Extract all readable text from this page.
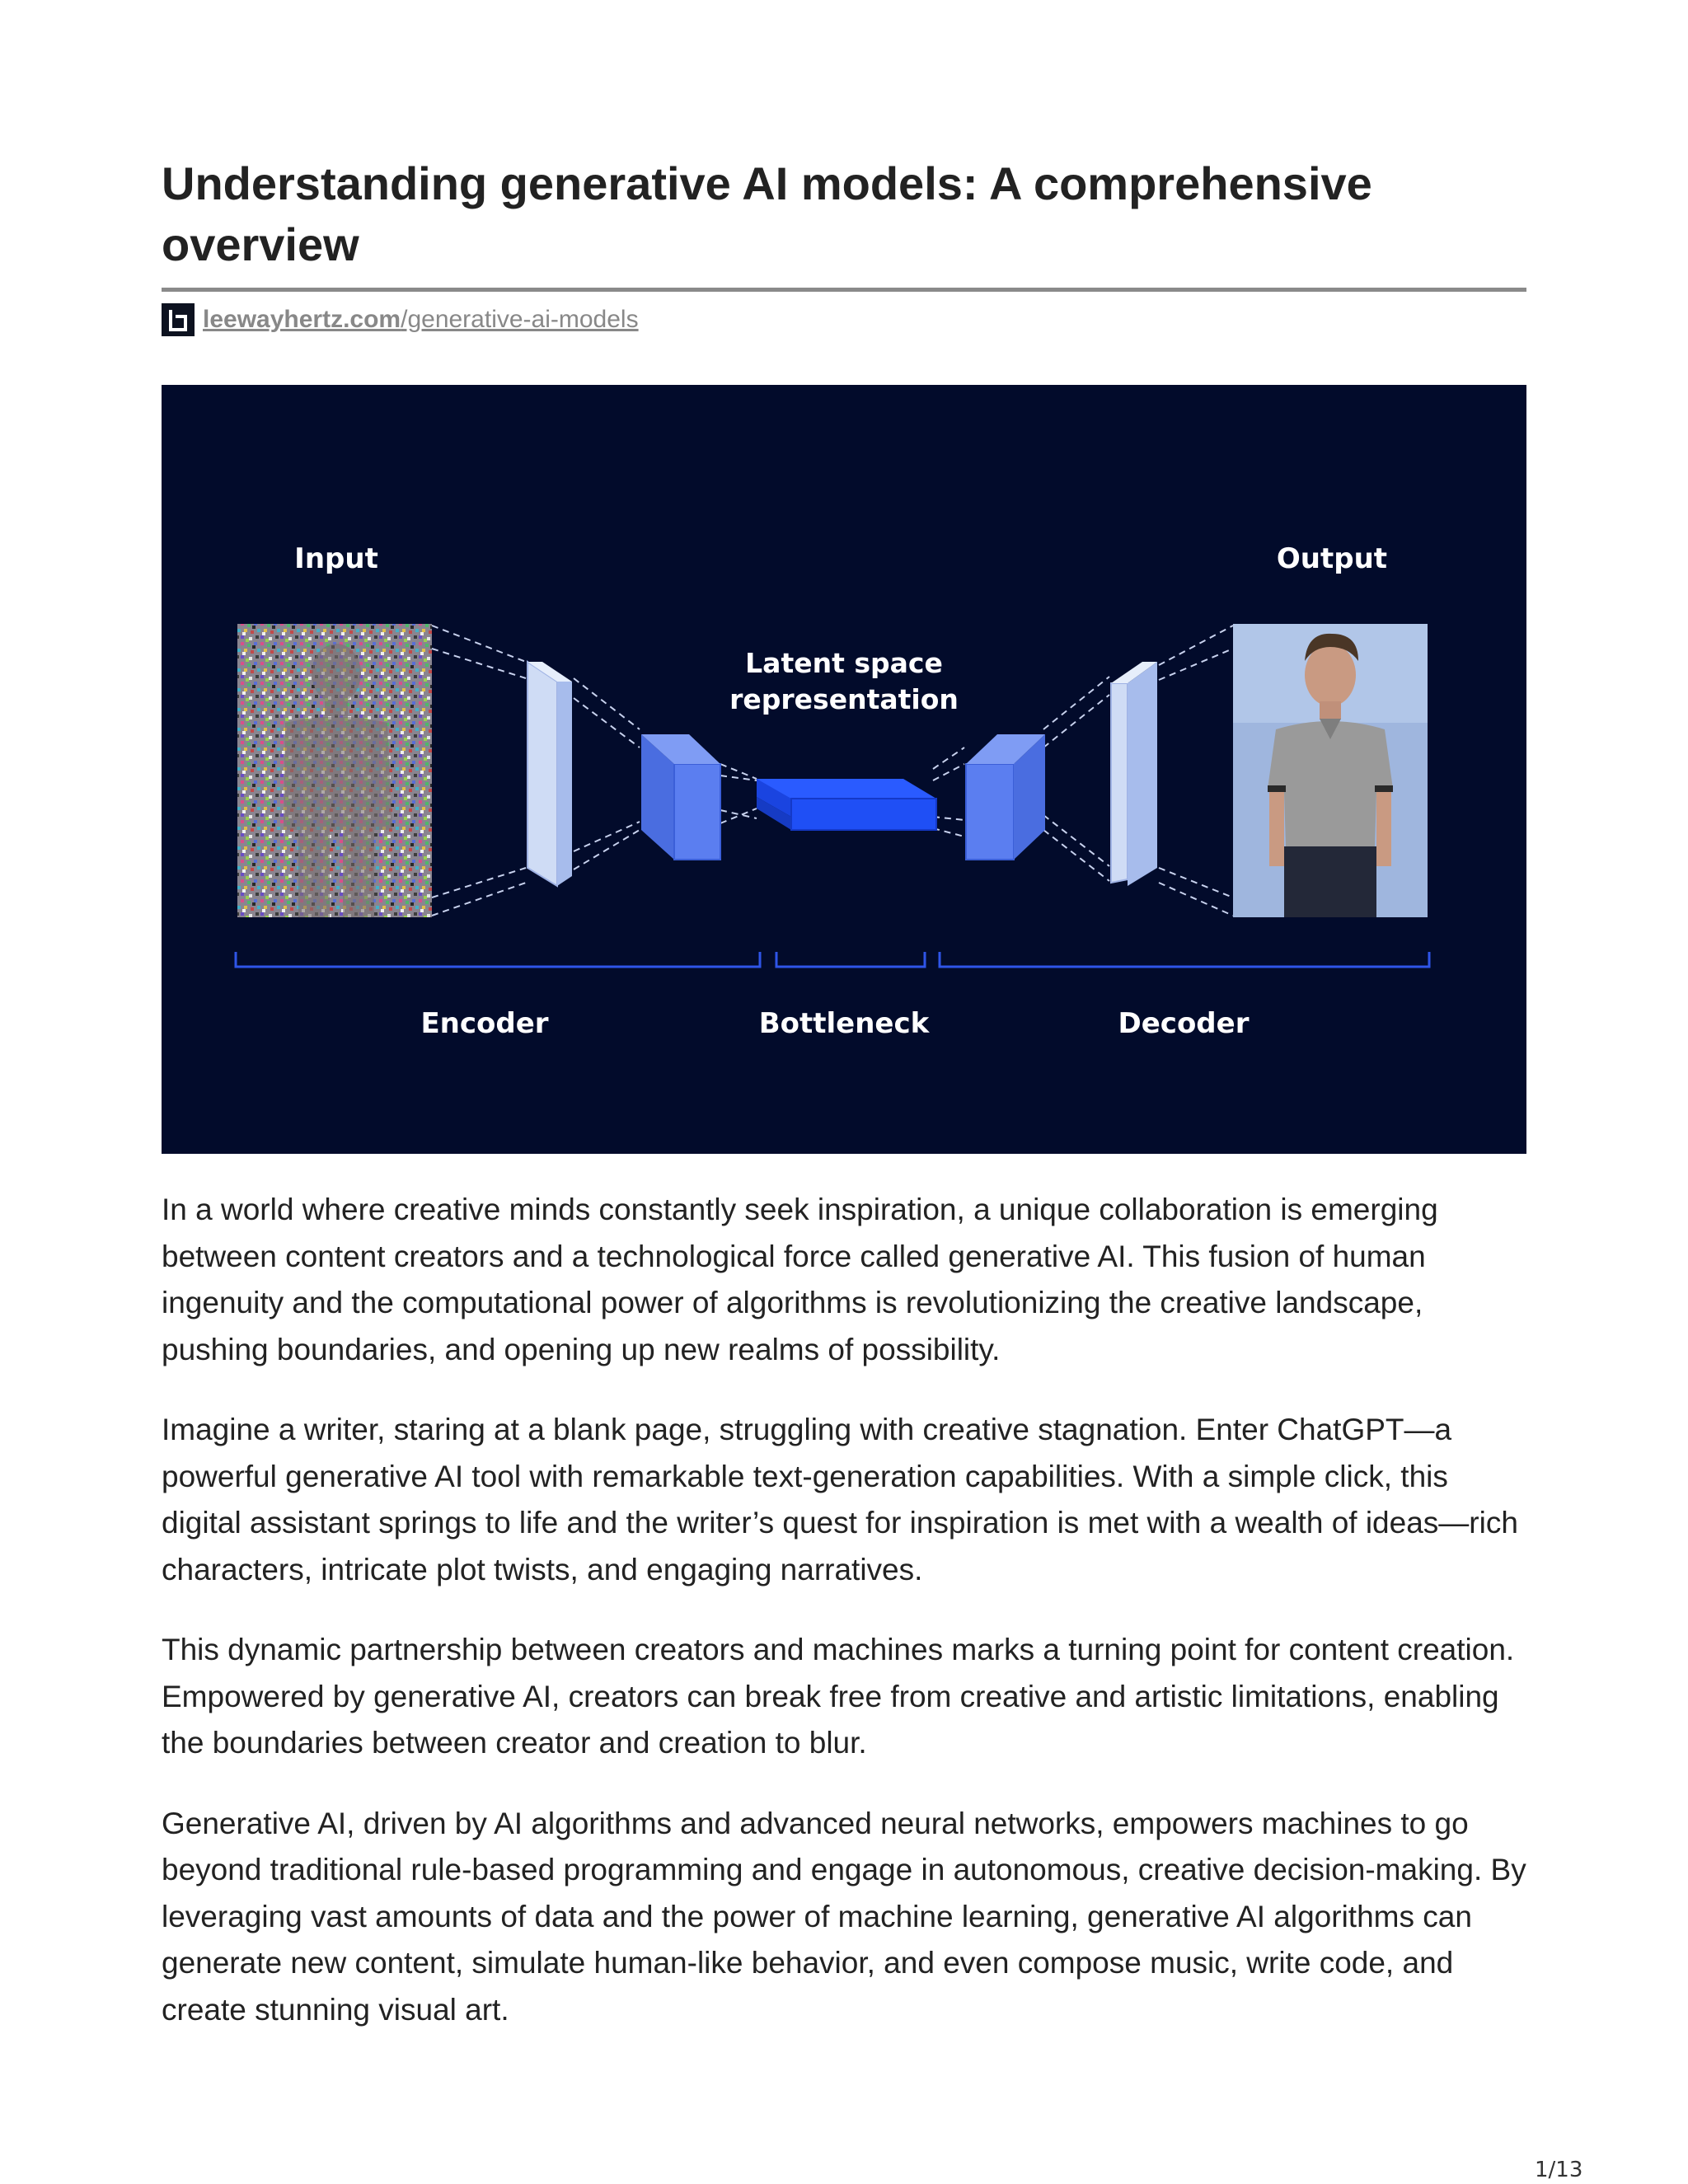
Understanding generative AI models: A comprehensive overview
leewayhertz.com/generative-ai-models
Input	Output
Latent space
representation
Encoder	Bottleneck	Decoder

In a world where creative minds constantly seek inspiration, a unique collaboration is emerging between content creators and a technological force called generative AI. This fusion of human ingenuity and the computational power of algorithms is revolutionizing the creative landscape, pushing boundaries, and opening up new realms of possibility.

Imagine a writer, staring at a blank page, struggling with creative stagnation. Enter ChatGPT—a powerful generative AI tool with remarkable text-generation capabilities. With a simple click, this digital assistant springs to life and the writer’s quest for inspiration is met with a wealth of ideas—rich characters, intricate plot twists, and engaging narratives.

This dynamic partnership between creators and machines marks a turning point for content creation. Empowered by generative AI, creators can break free from creative and artistic limitations, enabling the boundaries between creator and creation to blur.

Generative AI, driven by AI algorithms and advanced neural networks, empowers machines to go beyond traditional rule-based programming and engage in autonomous, creative decision-making. By leveraging vast amounts of data and the power of machine learning, generative AI algorithms can generate new content, simulate human-like behavior, and even compose music, write code, and create stunning visual art.

1/13
